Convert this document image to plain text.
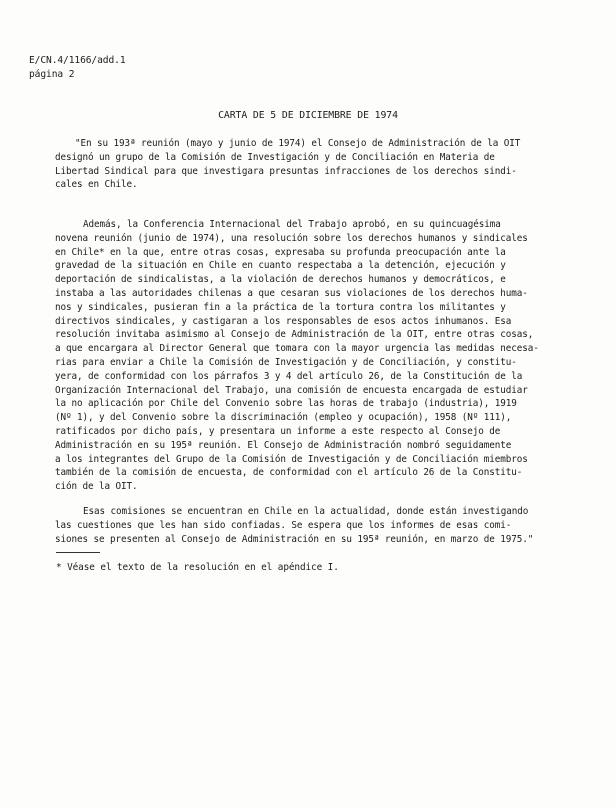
E/CN.4/1166/add.1
página 2
CARTA DE 5 DE DICIEMBRE DE 1974
"En su 193ª reunión (mayo y junio de 1974) el Consejo de Administración de la OIT
designó un grupo de la Comisión de Investigación y de Conciliación en Materia de
Libertad Sindical para que investigara presuntas infracciones de los derechos sindi-
cales en Chile.
Además, la Conferencia Internacional del Trabajo aprobó, en su quincuagésima
novena reunión (junio de 1974), una resolución sobre los derechos humanos y sindicales
en Chile* en la que, entre otras cosas, expresaba su profunda preocupación ante la
gravedad de la situación en Chile en cuanto respectaba a la detención, ejecución y
deportación de sindicalistas, a la violación de derechos humanos y democráticos, e
instaba a las autoridades chilenas a que cesaran sus violaciones de los derechos huma-
nos y sindicales, pusieran fin a la práctica de la tortura contra los militantes y
directivos sindicales, y castigaran a los responsables de esos actos inhumanos. Esa
resolución invitaba asimismo al Consejo de Administración de la OIT, entre otras cosas,
a que encargara al Director General que tomara con la mayor urgencia las medidas necesa-
rias para enviar a Chile la Comisión de Investigación y de Conciliación, y constitu-
yera, de conformidad con los párrafos 3 y 4 del artículo 26, de la Constitución de la
Organización Internacional del Trabajo, una comisión de encuesta encargada de estudiar
la no aplicación por Chile del Convenio sobre las horas de trabajo (industria), 1919
(Nº 1), y del Convenio sobre la discriminación (empleo y ocupación), 1958 (Nº 111),
ratificados por dicho país, y presentara un informe a este respecto al Consejo de
Administración en su 195ª reunión. El Consejo de Administración nombró seguidamente
a los integrantes del Grupo de la Comisión de Investigación y de Conciliación miembros
también de la comisión de encuesta, de conformidad con el artículo 26 de la Constitu-
ción de la OIT.
Esas comisiones se encuentran en Chile en la actualidad, donde están investigando
las cuestiones que les han sido confiadas. Se espera que los informes de esas comi-
siones se presenten al Consejo de Administración en su 195ª reunión, en marzo de 1975."
* Véase el texto de la resolución en el apéndice I.
